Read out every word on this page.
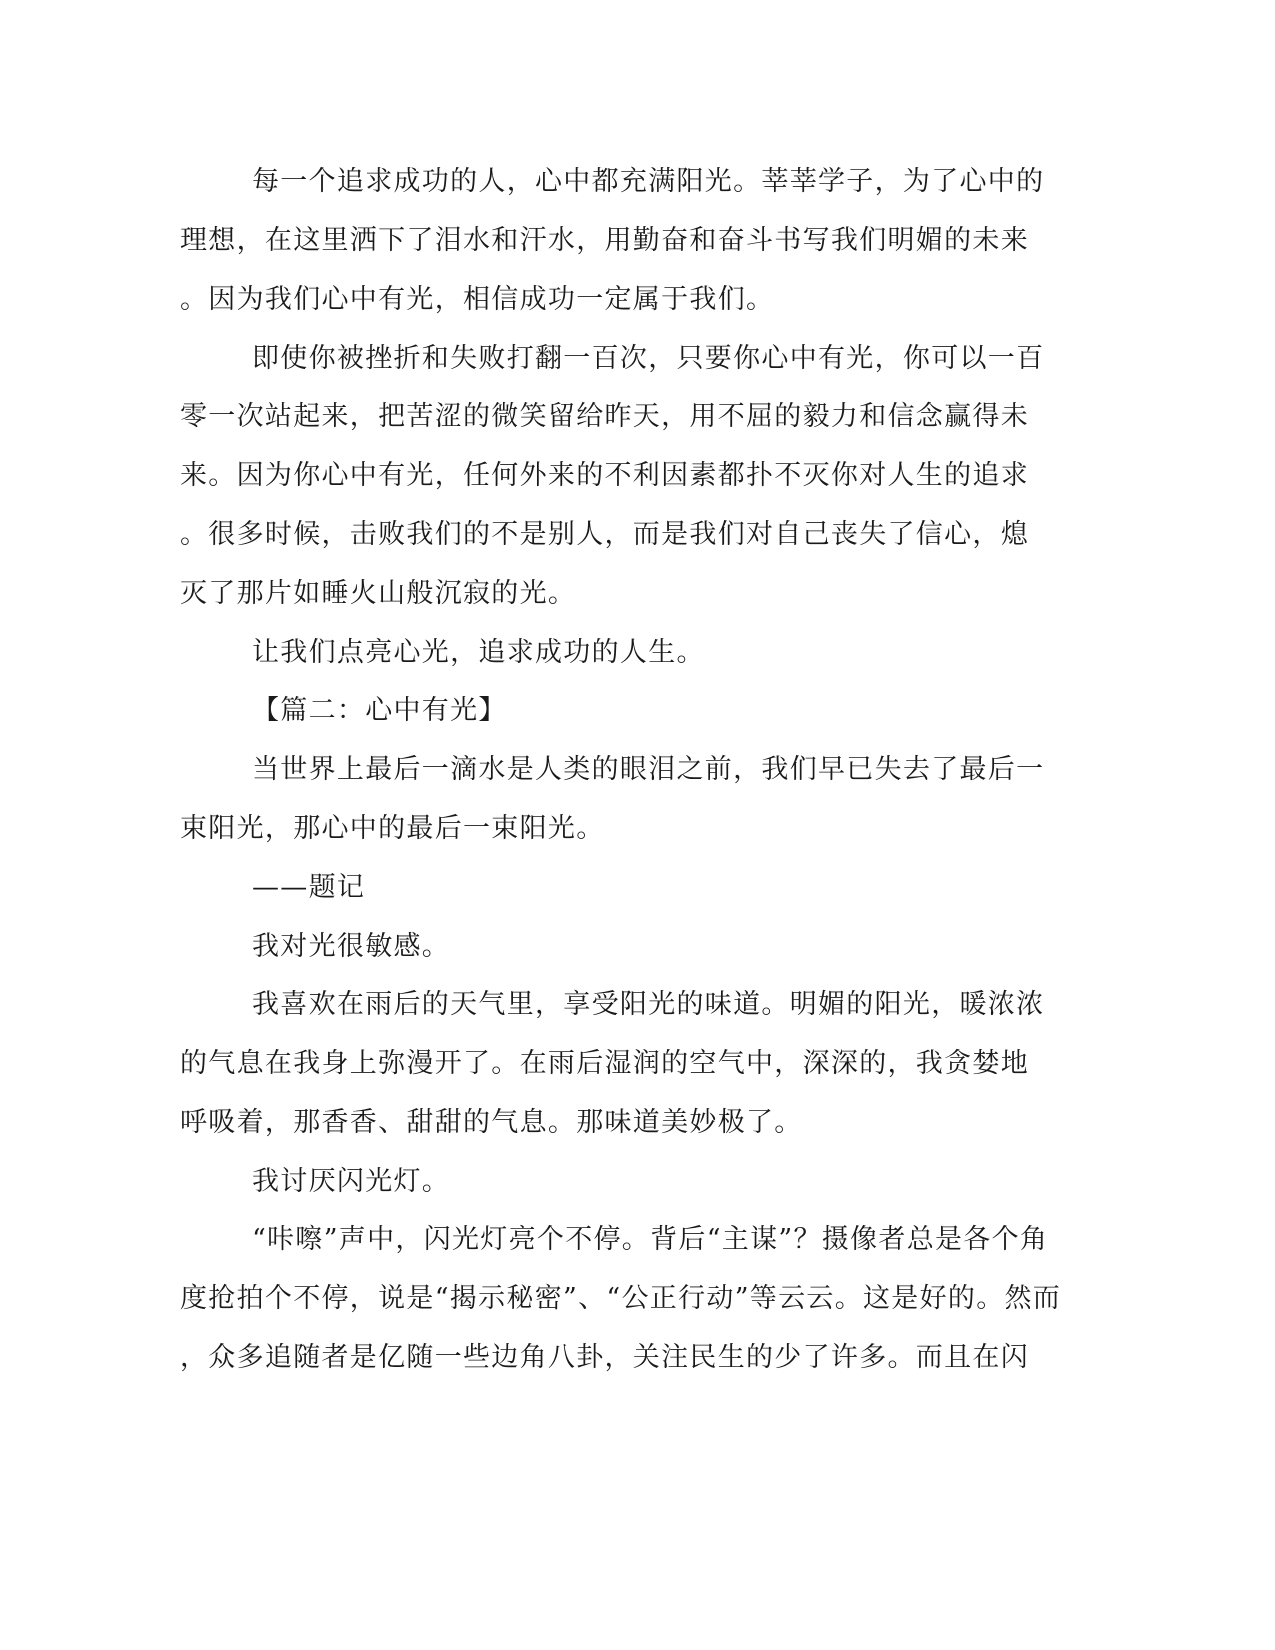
每一个追求成功的人，心中都充满阳光。莘莘学子，为了心中的

理想，在这里洒下了泪水和汗水，用勤奋和奋斗书写我们明媚的未来

。因为我们心中有光，相信成功一定属于我们。

即使你被挫折和失败打翻一百次，只要你心中有光，你可以一百

零一次站起来，把苦涩的微笑留给昨天，用不屈的毅力和信念赢得未

来。因为你心中有光，任何外来的不利因素都扑不灭你对人生的追求

。很多时候，击败我们的不是别人，而是我们对自己丧失了信心，熄

灭了那片如睡火山般沉寂的光。

让我们点亮心光，追求成功的人生。

【篇二：心中有光】

当世界上最后一滴水是人类的眼泪之前，我们早已失去了最后一

束阳光，那心中的最后一束阳光。

——题记

我对光很敏感。

我喜欢在雨后的天气里，享受阳光的味道。明媚的阳光，暖浓浓

的气息在我身上弥漫开了。在雨后湿润的空气中，深深的，我贪婪地

呼吸着，那香香、甜甜的气息。那味道美妙极了。

我讨厌闪光灯。

“咔嚓”声中，闪光灯亮个不停。背后“主谋”？摄像者总是各个角

度抢拍个不停，说是“揭示秘密”、“公正行动”等云云。这是好的。然而

，众多追随者是亿随一些边角八卦，关注民生的少了许多。而且在闪
